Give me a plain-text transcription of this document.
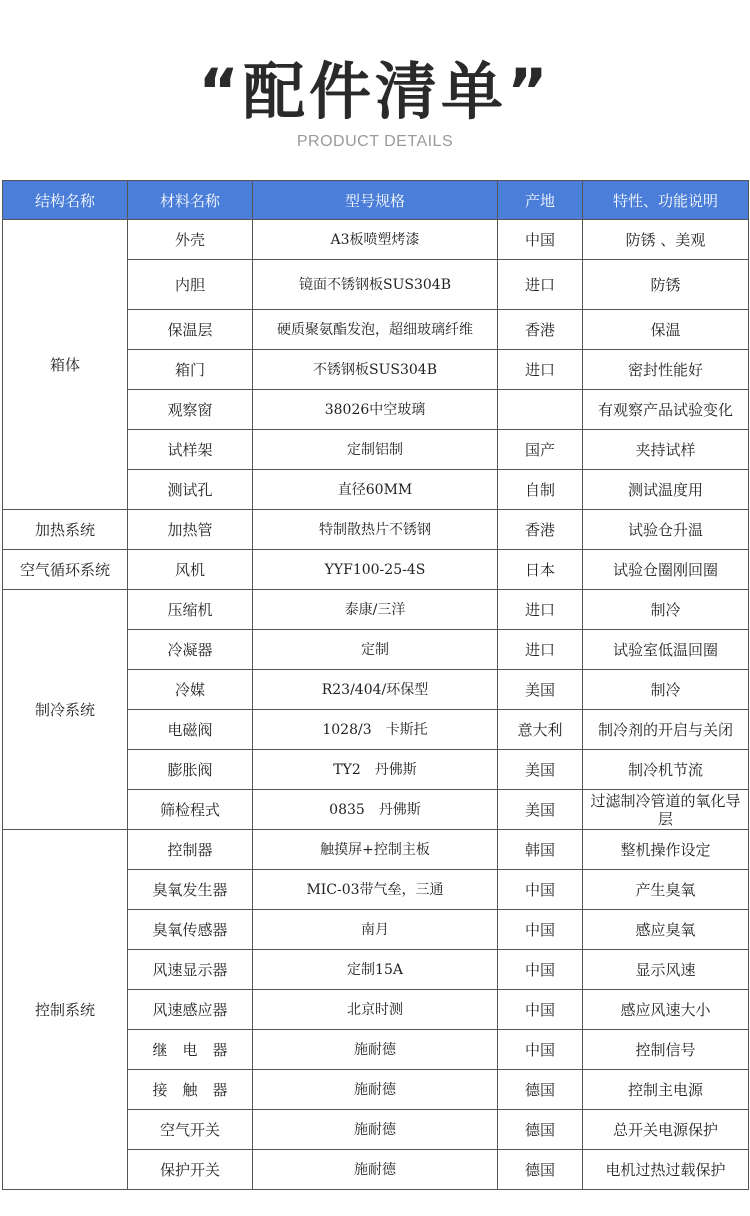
“配件清单”
PRODUCT DETAILS
结构名称	材料名称	型号规格	产地	特性、功能说明
箱体	外壳	A3板喷塑烤漆	中国	防锈 、美观
	内胆	镜面不锈钢板SUS304B	进口	防锈
	保温层	硬质聚氨酯发泡，超细玻璃纤维	香港	保温
	箱门	不锈钢板SUS304B	进口	密封性能好
	观察窗	38026中空玻璃		有观察产品试验变化
	试样架	定制铝制	国产	夹持试样
	测试孔	直径60MM	自制	测试温度用
加热系统	加热管	特制散热片不锈钢	香港	试验仓升温
空气循环系统	风机	YYF100-25-4S	日本	试验仓圈刚回圈
制冷系统	压缩机	泰康/三洋	进口	制冷
	冷凝器	定制	进口	试验室低温回圈
	冷媒	R23/404/环保型	美国	制冷
	电磁阀	1028/3　卡斯托	意大利	制冷剂的开启与关闭
	膨胀阀	TY2　丹佛斯	美国	制冷机节流
	筛检程式	0835　丹佛斯	美国	过滤制冷管道的氧化导层
控制系统	控制器	触摸屏+控制主板	韩国	整机操作设定
	臭氧发生器	MIC-03带气垒，三通	中国	产生臭氧
	臭氧传感器	南月	中国	感应臭氧
	风速显示器	定制15A	中国	显示风速
	风速感应器	北京时测	中国	感应风速大小
	继　电　器	施耐德	中国	控制信号
	接　触　器	施耐德	德国	控制主电源
	空气开关	施耐德	德国	总开关电源保护
	保护开关	施耐德	德国	电机过热过载保护
